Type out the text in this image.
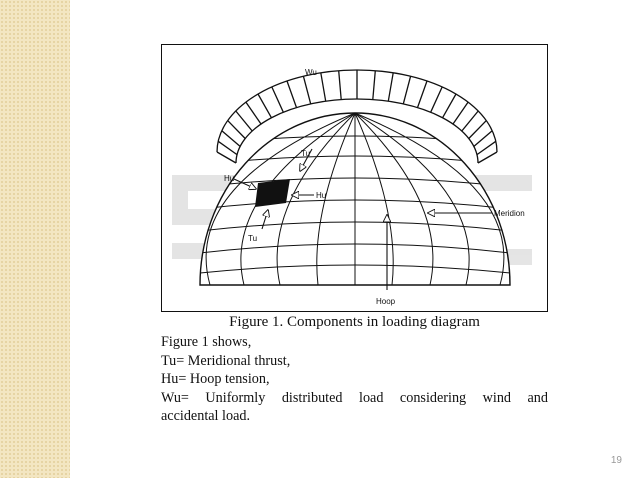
Wu
Tu
Hu
Hu
Tu
Meridion
Hoop
Figure 1. Components in loading diagram

Figure 1 shows,

Tu= Meridional thrust,

Hu= Hoop tension,

Wu= Uniformly distributed load considering wind and

accidental load.

19
